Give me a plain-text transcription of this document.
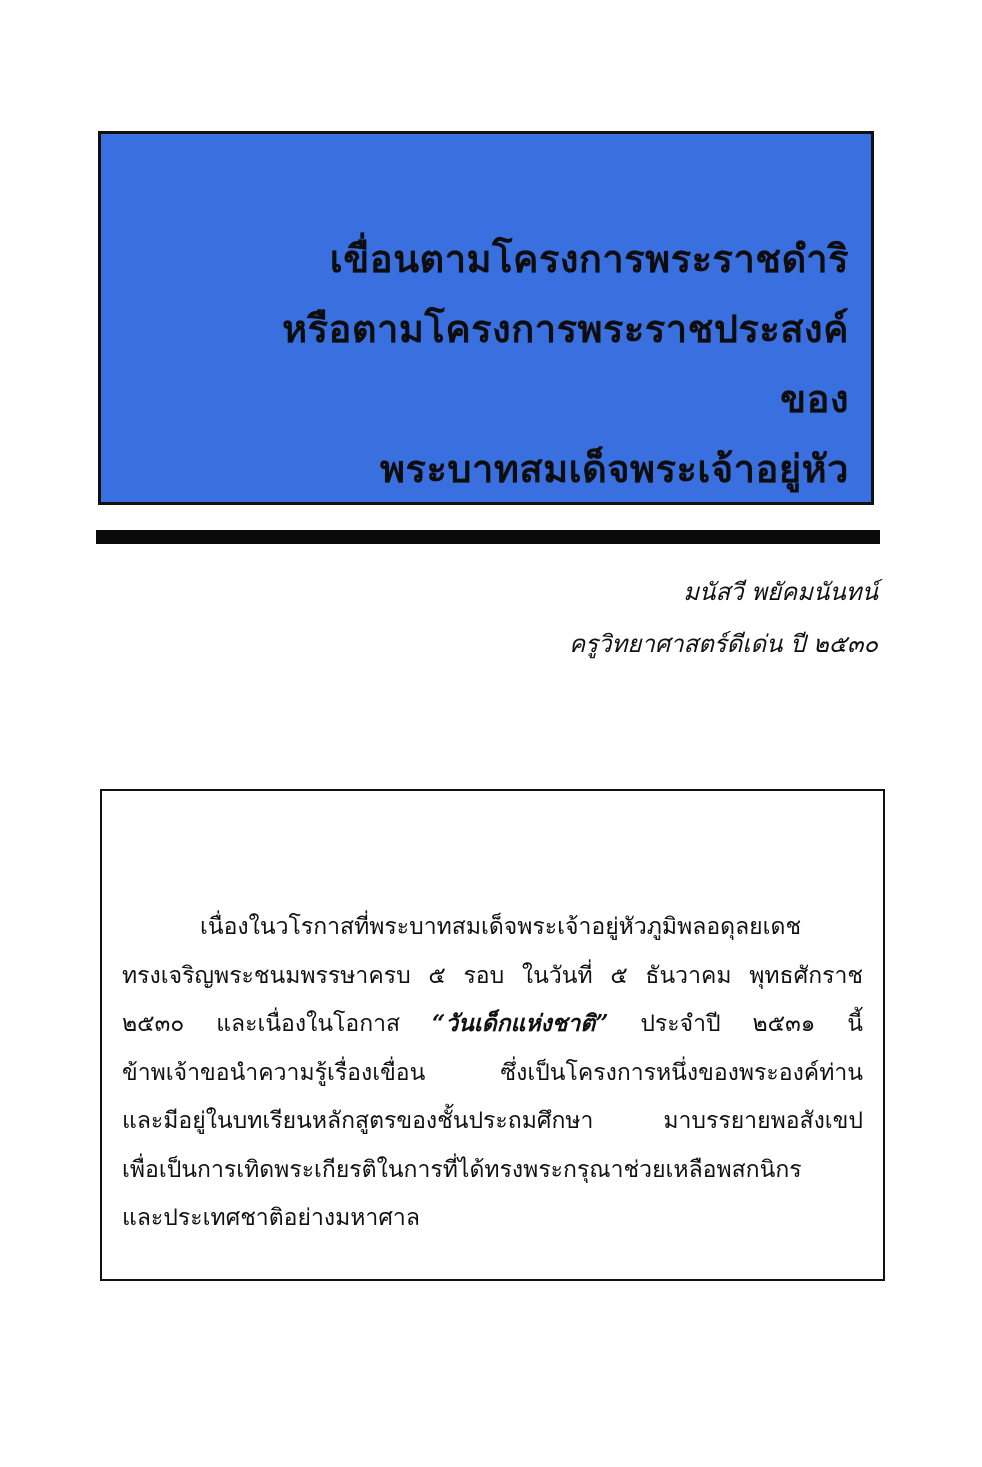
เขื่อนตามโครงการพระราชดำริ
หรือตามโครงการพระราชประสงค์
ของ
พระบาทสมเด็จพระเจ้าอยู่หัว
มนัสวี พยัคมนันทน์
ครูวิทยาศาสตร์ดีเด่น ปี ๒๕๓๐
เนื่องในวโรกาสที่พระบาทสมเด็จพระเจ้าอยู่หัวภูมิพลอดุลยเดช
ทรงเจริญพระชนมพรรษาครบ ๕ รอบ ในวันที่ ๕ ธันวาคม พุทธศักราช
๒๕๓๐ และเนื่องในโอกาส “วันเด็กแห่งชาติ” ประจำปี ๒๕๓๑ นี้
ข้าพเจ้าขอนำความรู้เรื่องเขื่อน ซึ่งเป็นโครงการหนึ่งของพระองค์ท่าน
และมีอยู่ในบทเรียนหลักสูตรของชั้นประถมศึกษา มาบรรยายพอสังเขป
เพื่อเป็นการเทิดพระเกียรติในการที่ได้ทรงพระกรุณาช่วยเหลือพสกนิกร
และประเทศชาติอย่างมหาศาล
